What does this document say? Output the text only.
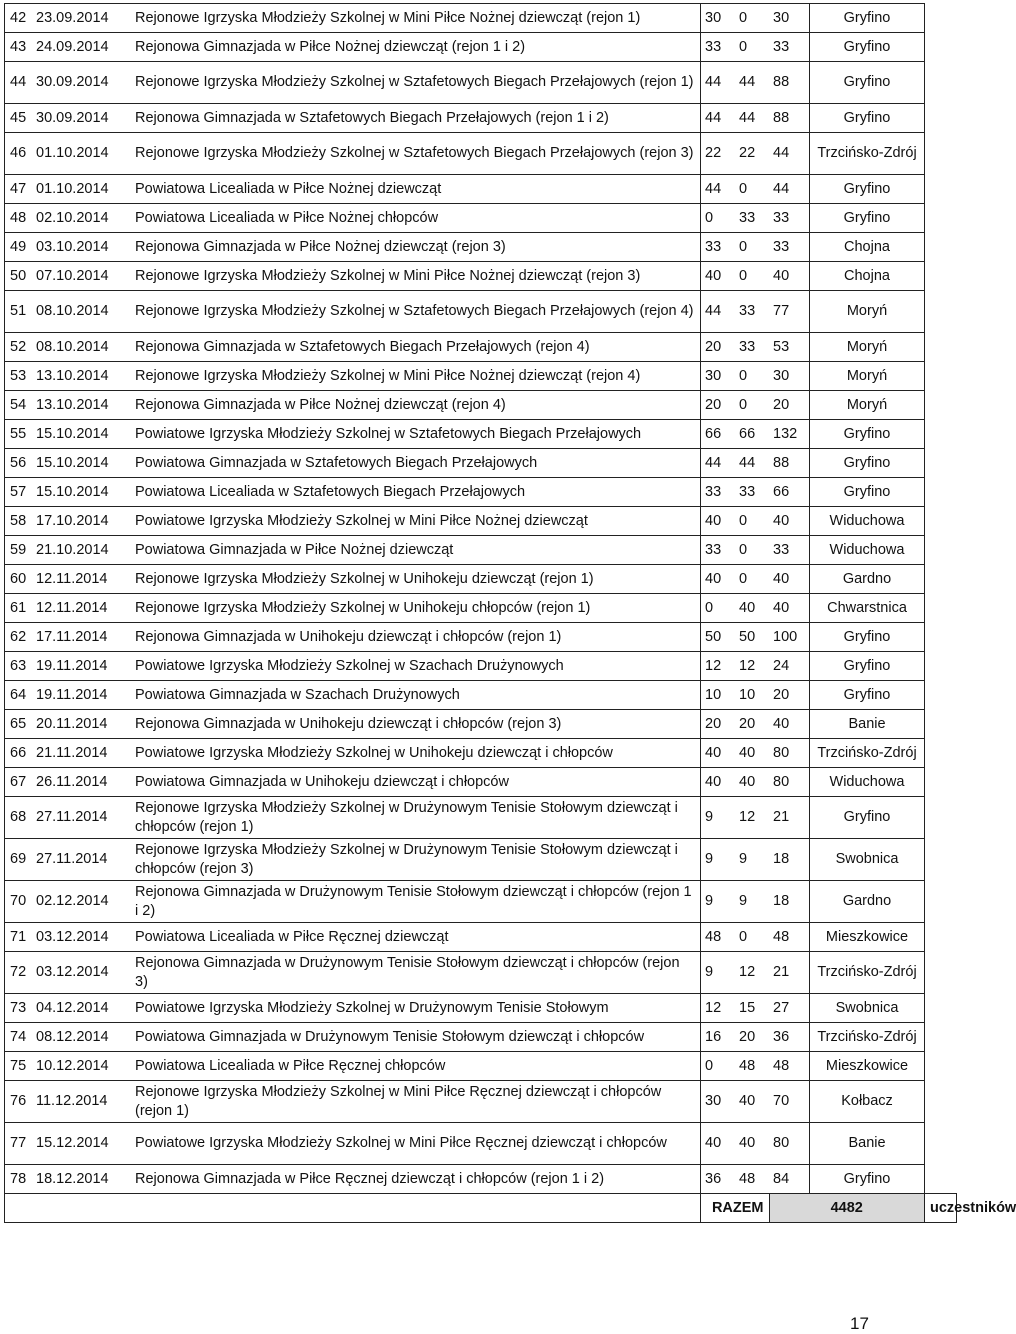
42	23.09.2014	Rejonowe Igrzyska Młodzieży Szkolnej w Mini Piłce Nożnej dziewcząt (rejon 1)	30	0	30	Gryfino	
43	24.09.2014	Rejonowa Gimnazjada w Piłce Nożnej dziewcząt (rejon 1 i 2)	33	0	33	Gryfino	
44	30.09.2014	Rejonowe Igrzyska Młodzieży Szkolnej w Sztafetowych Biegach Przełajowych (rejon 1)	44	44	88	Gryfino	
45	30.09.2014	Rejonowa Gimnazjada w Sztafetowych Biegach Przełajowych (rejon 1 i 2)	44	44	88	Gryfino	
46	01.10.2014	Rejonowe Igrzyska Młodzieży Szkolnej w Sztafetowych Biegach Przełajowych (rejon 3)	22	22	44	Trzcińsko-Zdrój	
47	01.10.2014	Powiatowa Licealiada w Piłce Nożnej dziewcząt	44	0	44	Gryfino	
48	02.10.2014	Powiatowa Licealiada w Piłce Nożnej chłopców	0	33	33	Gryfino	
49	03.10.2014	Rejonowa Gimnazjada w Piłce Nożnej dziewcząt (rejon 3)	33	0	33	Chojna	
50	07.10.2014	Rejonowe Igrzyska Młodzieży Szkolnej w Mini Piłce Nożnej dziewcząt (rejon 3)	40	0	40	Chojna	
51	08.10.2014	Rejonowe Igrzyska Młodzieży Szkolnej w Sztafetowych Biegach Przełajowych (rejon 4)	44	33	77	Moryń	
52	08.10.2014	Rejonowa Gimnazjada w Sztafetowych Biegach Przełajowych (rejon 4)	20	33	53	Moryń	
53	13.10.2014	Rejonowe Igrzyska Młodzieży Szkolnej w Mini Piłce Nożnej dziewcząt (rejon 4)	30	0	30	Moryń	
54	13.10.2014	Rejonowa Gimnazjada w Piłce Nożnej dziewcząt (rejon 4)	20	0	20	Moryń	
55	15.10.2014	Powiatowe Igrzyska Młodzieży Szkolnej w Sztafetowych Biegach Przełajowych	66	66	132	Gryfino	
56	15.10.2014	Powiatowa Gimnazjada w Sztafetowych Biegach Przełajowych	44	44	88	Gryfino	
57	15.10.2014	Powiatowa Licealiada w Sztafetowych Biegach Przełajowych	33	33	66	Gryfino	
58	17.10.2014	Powiatowe Igrzyska Młodzieży Szkolnej w Mini Piłce Nożnej dziewcząt	40	0	40	Widuchowa	
59	21.10.2014	Powiatowa Gimnazjada w Piłce Nożnej dziewcząt	33	0	33	Widuchowa	
60	12.11.2014	Rejonowe Igrzyska Młodzieży Szkolnej w Unihokeju dziewcząt (rejon 1)	40	0	40	Gardno	
61	12.11.2014	Rejonowe Igrzyska Młodzieży Szkolnej w Unihokeju chłopców (rejon 1)	0	40	40	Chwarstnica	
62	17.11.2014	Rejonowa Gimnazjada w Unihokeju dziewcząt i chłopców (rejon 1)	50	50	100	Gryfino	
63	19.11.2014	Powiatowe Igrzyska Młodzieży Szkolnej w Szachach Drużynowych	12	12	24	Gryfino	
64	19.11.2014	Powiatowa Gimnazjada w Szachach Drużynowych	10	10	20	Gryfino	
65	20.11.2014	Rejonowa Gimnazjada w Unihokeju dziewcząt i chłopców (rejon 3)	20	20	40	Banie	
66	21.11.2014	Powiatowe Igrzyska Młodzieży Szkolnej w Unihokeju dziewcząt i chłopców	40	40	80	Trzcińsko-Zdrój	
67	26.11.2014	Powiatowa Gimnazjada w Unihokeju dziewcząt i chłopców	40	40	80	Widuchowa	
68	27.11.2014	Rejonowe Igrzyska Młodzieży Szkolnej w Drużynowym Tenisie Stołowym dziewcząt i chłopców (rejon 1)	9	12	21	Gryfino	
69	27.11.2014	Rejonowe Igrzyska Młodzieży Szkolnej w Drużynowym Tenisie Stołowym dziewcząt i chłopców (rejon 3)	9	9	18	Swobnica	
70	02.12.2014	Rejonowa Gimnazjada w Drużynowym Tenisie Stołowym dziewcząt i chłopców (rejon 1 i 2)	9	9	18	Gardno	
71	03.12.2014	Powiatowa Licealiada w Piłce Ręcznej dziewcząt	48	0	48	Mieszkowice	
72	03.12.2014	Rejonowa Gimnazjada w Drużynowym Tenisie Stołowym dziewcząt i chłopców (rejon 3)	9	12	21	Trzcińsko-Zdrój	
73	04.12.2014	Powiatowe Igrzyska Młodzieży Szkolnej w Drużynowym Tenisie Stołowym	12	15	27	Swobnica	
74	08.12.2014	Powiatowa Gimnazjada w Drużynowym Tenisie Stołowym dziewcząt i chłopców	16	20	36	Trzcińsko-Zdrój	
75	10.12.2014	Powiatowa Licealiada w Piłce Ręcznej chłopców	0	48	48	Mieszkowice	
76	11.12.2014	Rejonowe Igrzyska Młodzieży Szkolnej w Mini Piłce Ręcznej dziewcząt i chłopców (rejon 1)	30	40	70	Kołbacz	
77	15.12.2014	Powiatowe Igrzyska Młodzieży Szkolnej w Mini Piłce Ręcznej dziewcząt i chłopców	40	40	80	Banie	
78	18.12.2014	Rejonowa Gimnazjada w Piłce Ręcznej dziewcząt i chłopców (rejon 1 i 2)	36	48	84	Gryfino	
			RAZEM		4482		uczestników
17
